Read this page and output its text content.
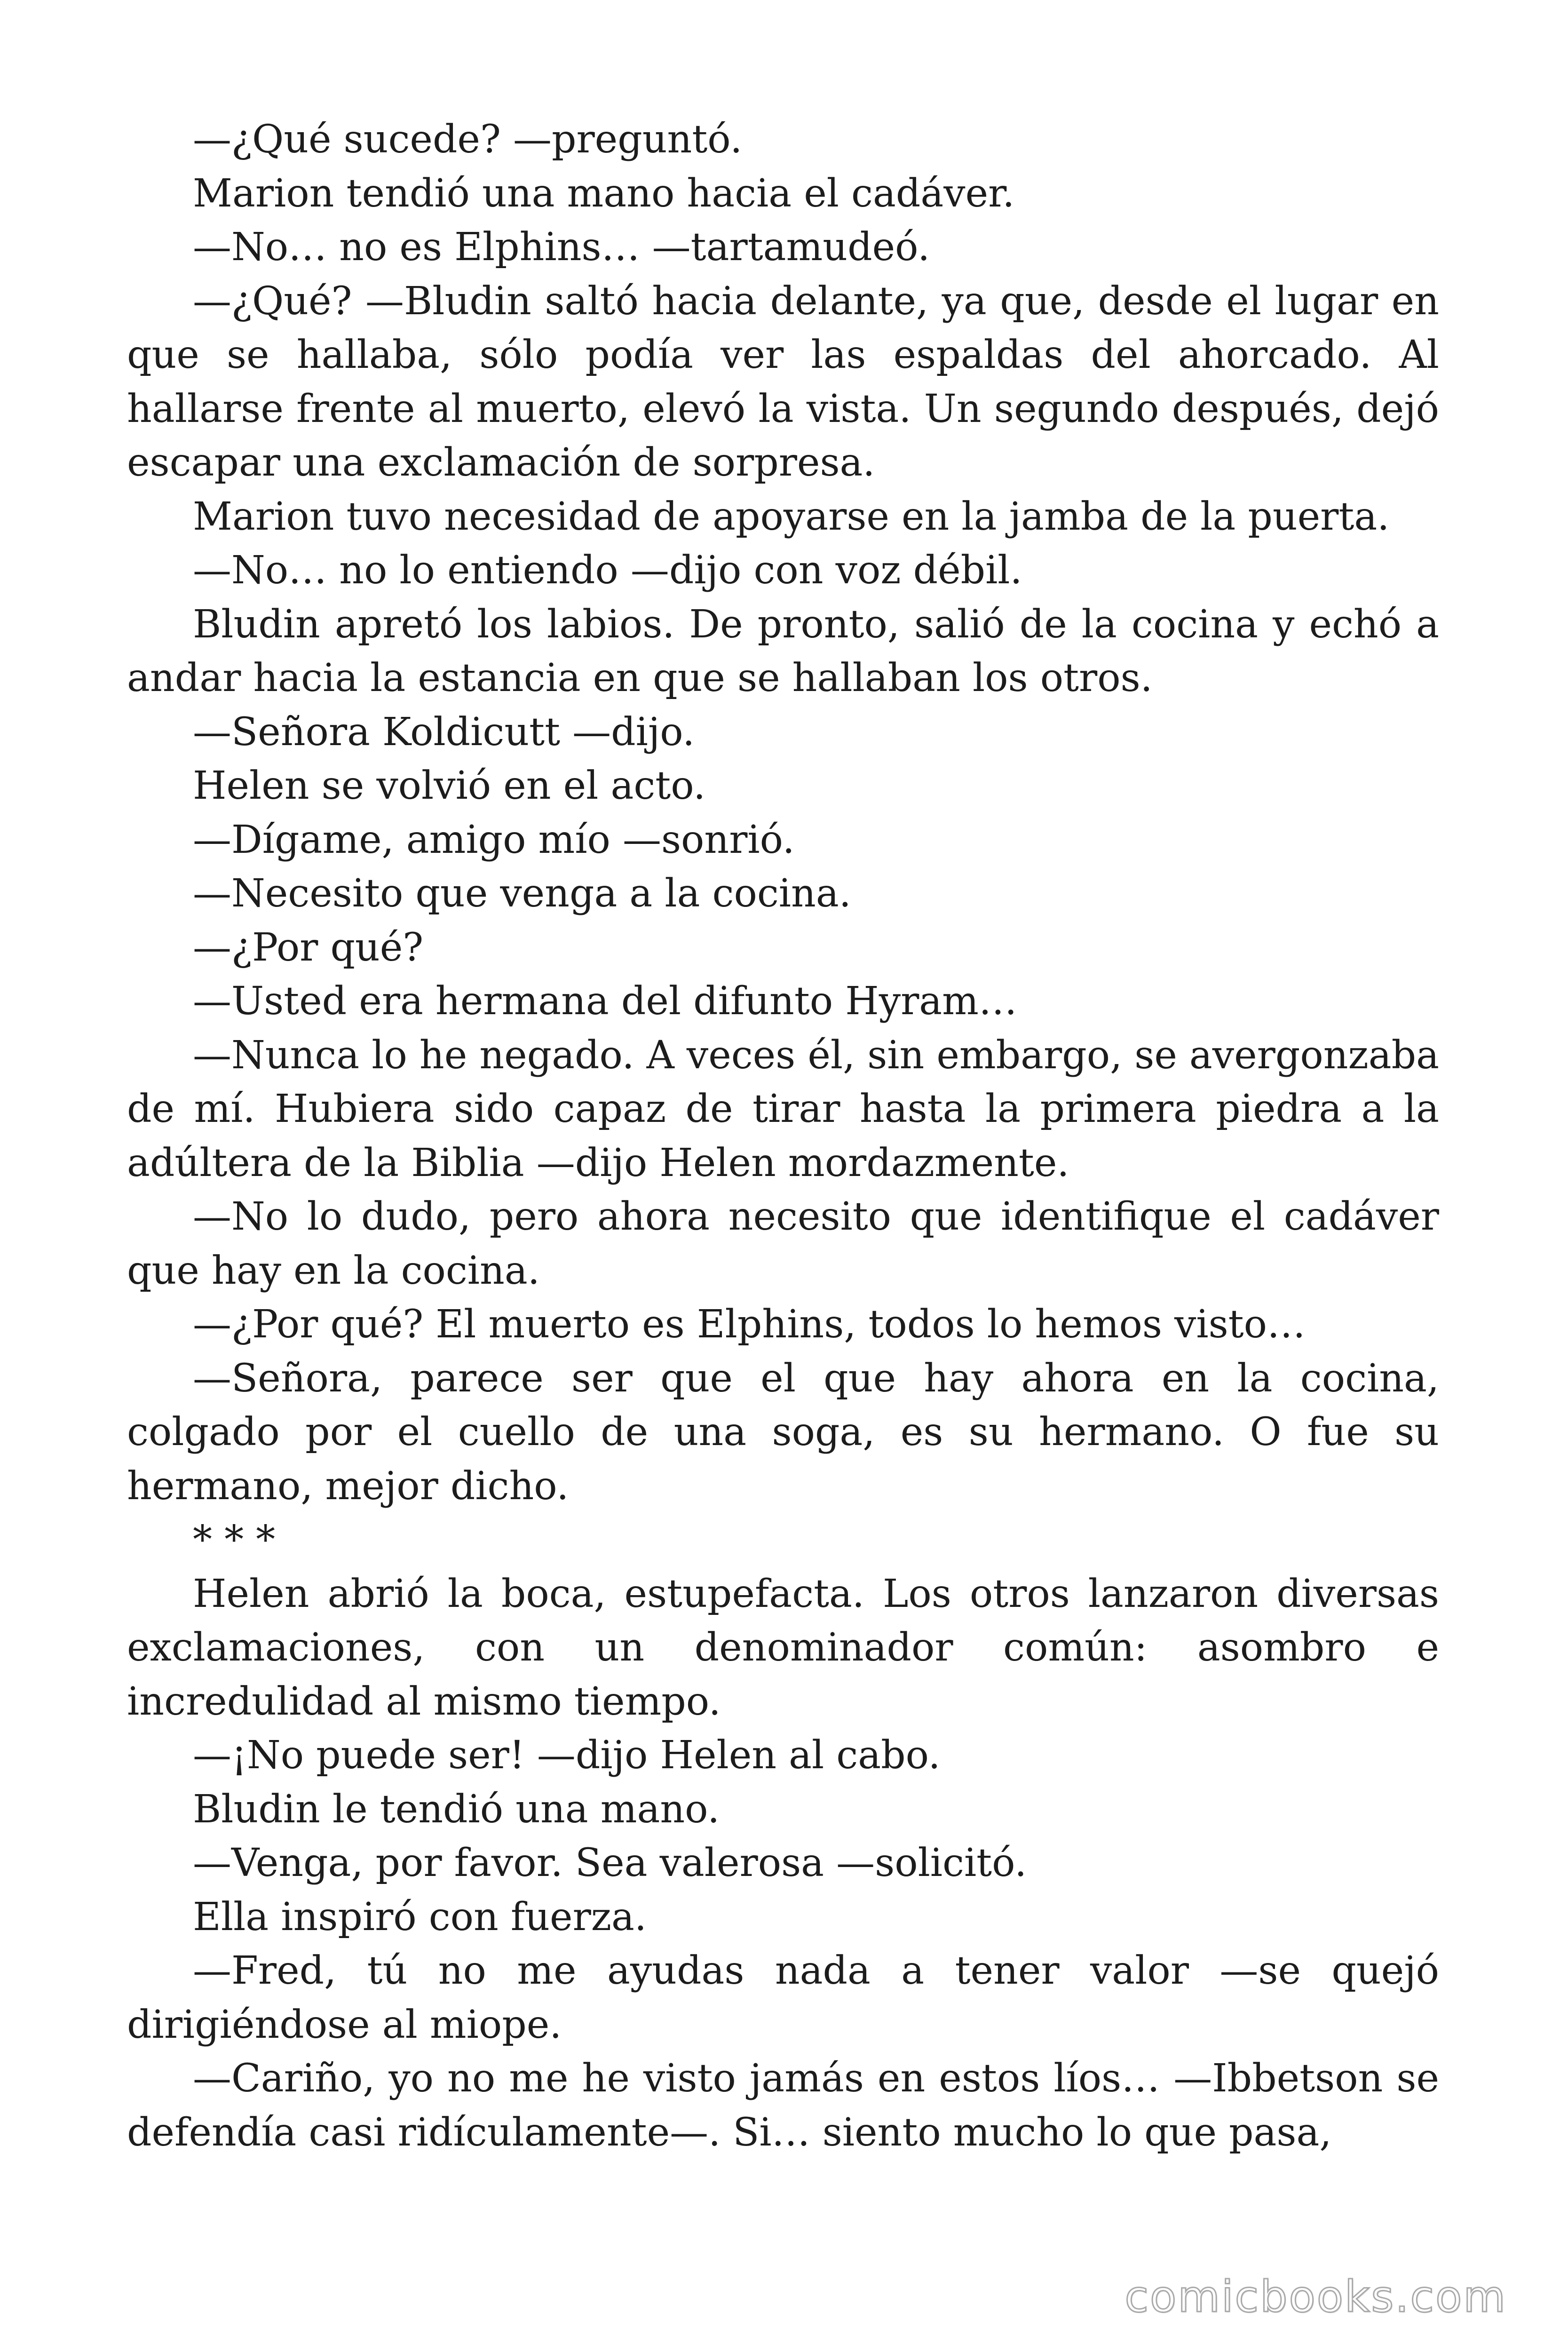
—¿Qué sucede? —preguntó.

Marion tendió una mano hacia el cadáver.

—No… no es Elphins… —tartamudeó.

—¿Qué? —Bludin saltó hacia delante, ya que, desde el lugar en que se hallaba, sólo podía ver las espaldas del ahorcado. Al hallarse frente al muerto, elevó la vista. Un segundo después, dejó escapar una exclamación de sorpresa.

Marion tuvo necesidad de apoyarse en la jamba de la puerta.

—No… no lo entiendo —dijo con voz débil.

Bludin apretó los labios. De pronto, salió de la cocina y echó a andar hacia la estancia en que se hallaban los otros.

—Señora Koldicutt —dijo.

Helen se volvió en el acto.

—Dígame, amigo mío —sonrió.

—Necesito que venga a la cocina.

—¿Por qué?

—Usted era hermana del difunto Hyram…

—Nunca lo he negado. A veces él, sin embargo, se avergonzaba de mí. Hubiera sido capaz de tirar hasta la primera piedra a la adúltera de la Biblia —dijo Helen mordazmente.

—No lo dudo, pero ahora necesito que identifique el cadáver que hay en la cocina.

—¿Por qué? El muerto es Elphins, todos lo hemos visto…

—Señora, parece ser que el que hay ahora en la cocina, colgado por el cuello de una soga, es su hermano. O fue su hermano, mejor dicho.

* * *

Helen abrió la boca, estupefacta. Los otros lanzaron diversas exclamaciones, con un denominador común: asombro e incredulidad al mismo tiempo.

—¡No puede ser! —dijo Helen al cabo.

Bludin le tendió una mano.

—Venga, por favor. Sea valerosa —solicitó.

Ella inspiró con fuerza.

—Fred, tú no me ayudas nada a tener valor —se quejó dirigiéndose al miope.

—Cariño, yo no me he visto jamás en estos líos… —Ibbetson se defendía casi ridículamente—. Si… siento mucho lo que pasa,

comicbooks.com
